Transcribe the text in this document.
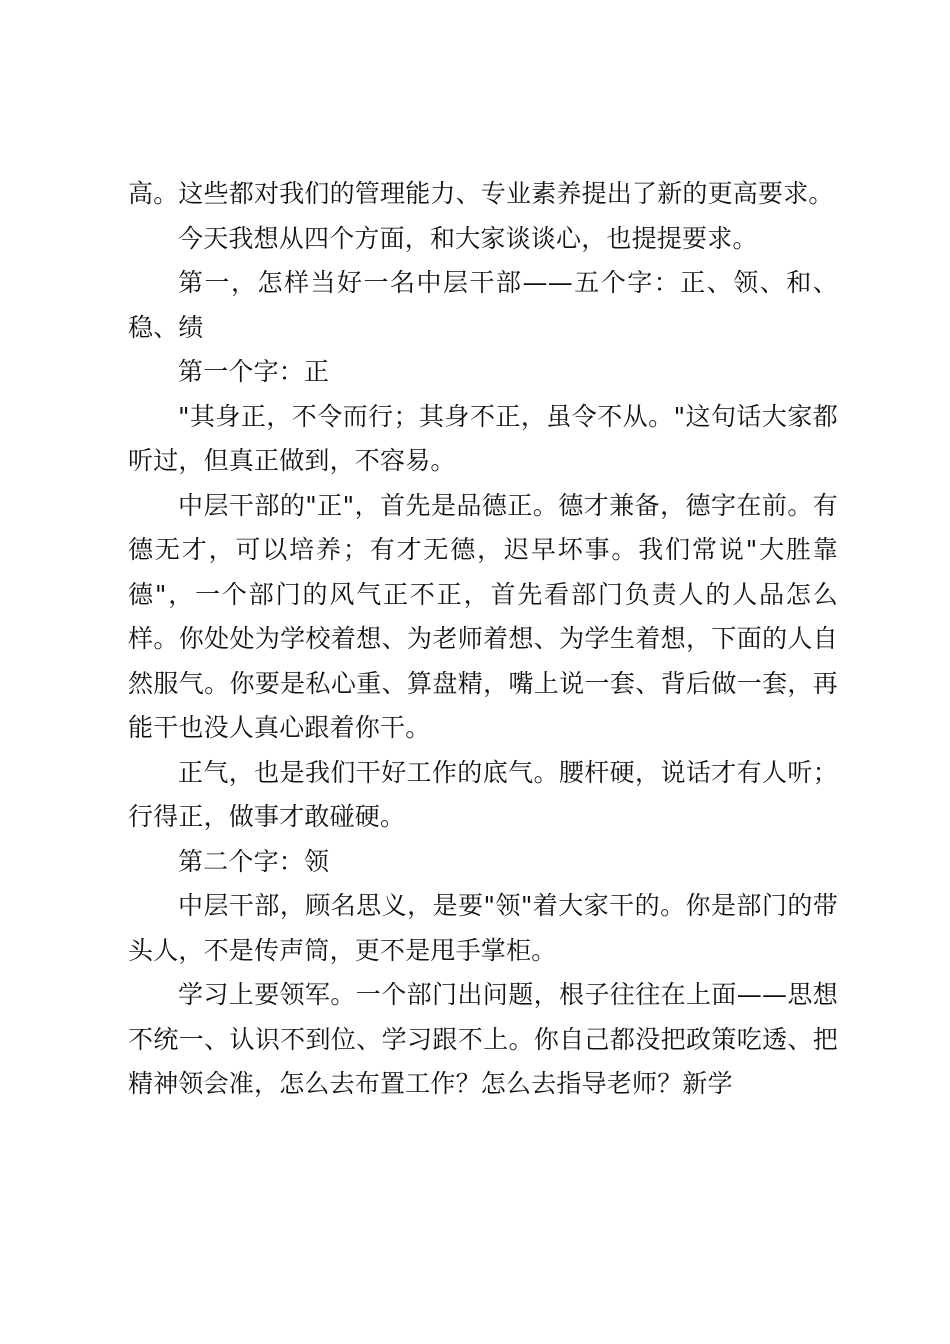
高。这些都对我们的管理能力、专业素养提出了新的更高要求。

今天我想从四个方面，和大家谈谈心，也提提要求。

第一，怎样当好一名中层干部——五个字：正、领、和、稳、绩

第一个字：正

"其身正，不令而行；其身不正，虽令不从。"这句话大家都听过，但真正做到，不容易。

中层干部的"正"，首先是品德正。德才兼备，德字在前。有德无才，可以培养；有才无德，迟早坏事。我们常说"大胜靠德"，一个部门的风气正不正，首先看部门负责人的人品怎么样。你处处为学校着想、为老师着想、为学生着想，下面的人自然服气。你要是私心重、算盘精，嘴上说一套、背后做一套，再能干也没人真心跟着你干。

正气，也是我们干好工作的底气。腰杆硬，说话才有人听；行得正，做事才敢碰硬。

第二个字：领

中层干部，顾名思义，是要"领"着大家干的。你是部门的带头人，不是传声筒，更不是甩手掌柜。

学习上要领军。一个部门出问题，根子往往在上面——思想不统一、认识不到位、学习跟不上。你自己都没把政策吃透、把精神领会准，怎么去布置工作？怎么去指导老师？新学
